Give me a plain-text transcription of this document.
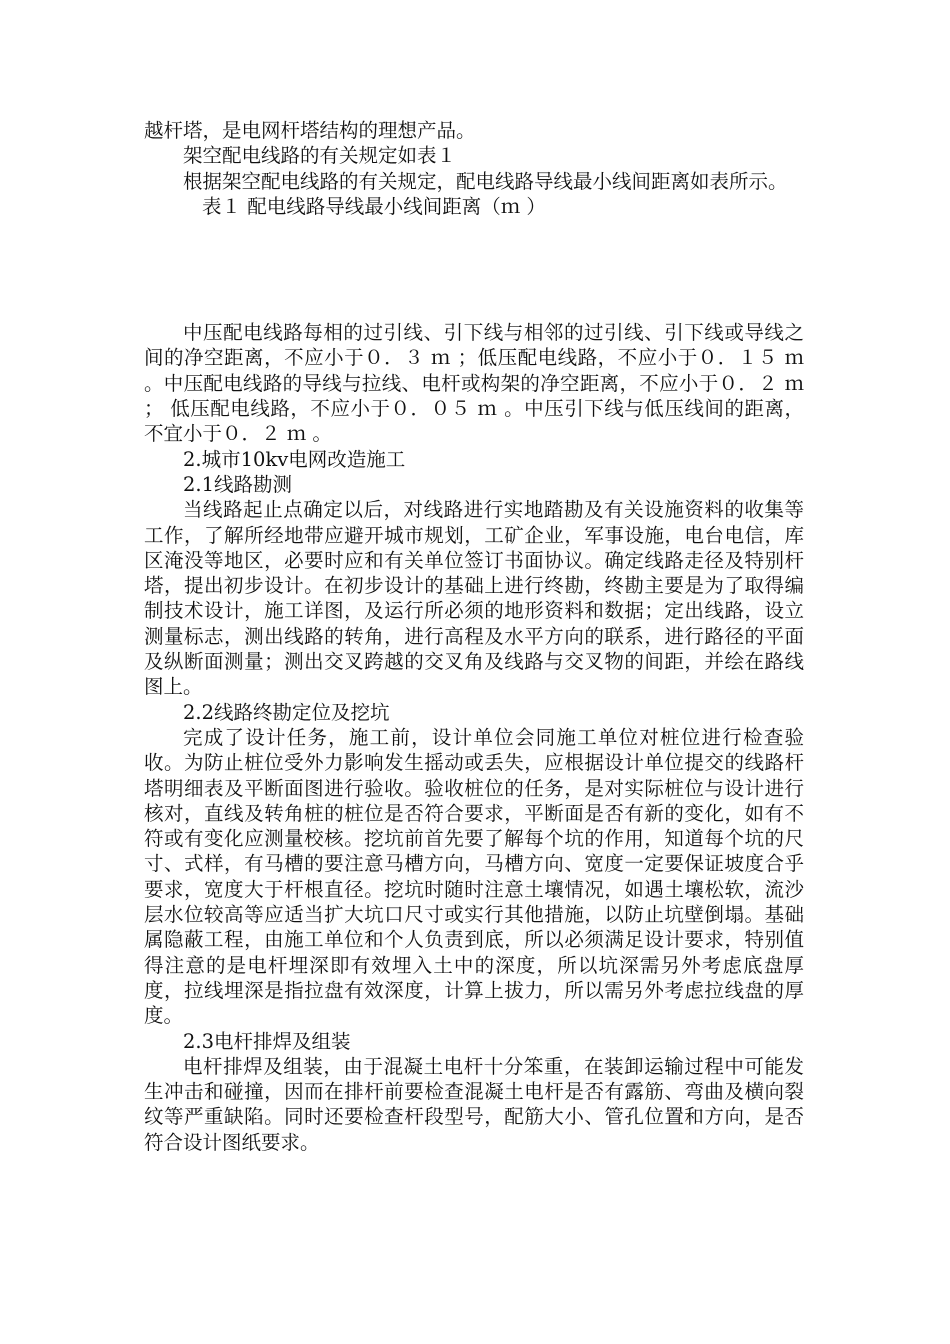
越杆塔，是电网杆塔结构的理想产品。

架空配电线路的有关规定如表１

根据架空配电线路的有关规定，配电线路导线最小线间距离如表所示。

表１ 配电线路导线最小线间距离（ｍ ）

中压配电线路每相的过引线、引下线与相邻的过引线、引下线或导线之间的净空距离，不应小于０．３ ｍ ；低压配电线路，不应小于０．１５ ｍ 。中压配电线路的导线与拉线、电杆或构架的净空距离，不应小于０．２ ｍ ； 低压配电线路，不应小于０．０５ ｍ 。中压引下线与低压线间的距离，不宜小于０．２ ｍ 。

2.城市10kv电网改造施工

2.1线路勘测

当线路起止点确定以后，对线路进行实地踏勘及有关设施资料的收集等工作，了解所经地带应避开城市规划，工矿企业，军事设施，电台电信，库区淹没等地区，必要时应和有关单位签订书面协议。确定线路走径及特别杆塔，提出初步设计。在初步设计的基础上进行终勘，终勘主要是为了取得编制技术设计，施工详图，及运行所必须的地形资料和数据；定出线路，设立测量标志，测出线路的转角，进行高程及水平方向的联系，进行路径的平面及纵断面测量；测出交叉跨越的交叉角及线路与交叉物的间距，并绘在路线图上。

2.2线路终勘定位及挖坑

完成了设计任务，施工前，设计单位会同施工单位对桩位进行检查验收。为防止桩位受外力影响发生摇动或丢失，应根据设计单位提交的线路杆塔明细表及平断面图进行验收。验收桩位的任务，是对实际桩位与设计进行核对，直线及转角桩的桩位是否符合要求，平断面是否有新的变化，如有不符或有变化应测量校核。挖坑前首先要了解每个坑的作用，知道每个坑的尺寸、式样，有马槽的要注意马槽方向，马槽方向、宽度一定要保证坡度合乎要求，宽度大于杆根直径。挖坑时随时注意土壤情况，如遇土壤松软，流沙层水位较高等应适当扩大坑口尺寸或实行其他措施，以防止坑壁倒塌。基础属隐蔽工程，由施工单位和个人负责到底，所以必须满足设计要求，特别值得注意的是电杆埋深即有效埋入土中的深度，所以坑深需另外考虑底盘厚度，拉线埋深是指拉盘有效深度，计算上拔力，所以需另外考虑拉线盘的厚度。

2.3电杆排焊及组装

电杆排焊及组装，由于混凝土电杆十分笨重，在装卸运输过程中可能发生冲击和碰撞，因而在排杆前要检查混凝土电杆是否有露筋、弯曲及横向裂纹等严重缺陷。同时还要检查杆段型号，配筋大小、管孔位置和方向，是否符合设计图纸要求。
